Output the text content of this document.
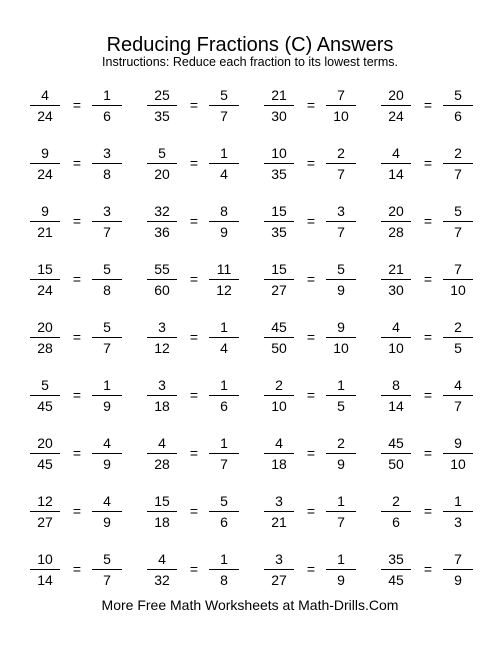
Reducing Fractions (C) Answers
Instructions: Reduce each fraction to its lowest terms.
4
24
=
1
6
25
35
=
5
7
21
30
=
7
10
20
24
=
5
6
9
24
=
3
8
5
20
=
1
4
10
35
=
2
7
4
14
=
2
7
9
21
=
3
7
32
36
=
8
9
15
35
=
3
7
20
28
=
5
7
15
24
=
5
8
55
60
=
11
12
15
27
=
5
9
21
30
=
7
10
20
28
=
5
7
3
12
=
1
4
45
50
=
9
10
4
10
=
2
5
5
45
=
1
9
3
18
=
1
6
2
10
=
1
5
8
14
=
4
7
20
45
=
4
9
4
28
=
1
7
4
18
=
2
9
45
50
=
9
10
12
27
=
4
9
15
18
=
5
6
3
21
=
1
7
2
6
=
1
3
10
14
=
5
7
4
32
=
1
8
3
27
=
1
9
35
45
=
7
9
More Free Math Worksheets at Math-Drills.Com
